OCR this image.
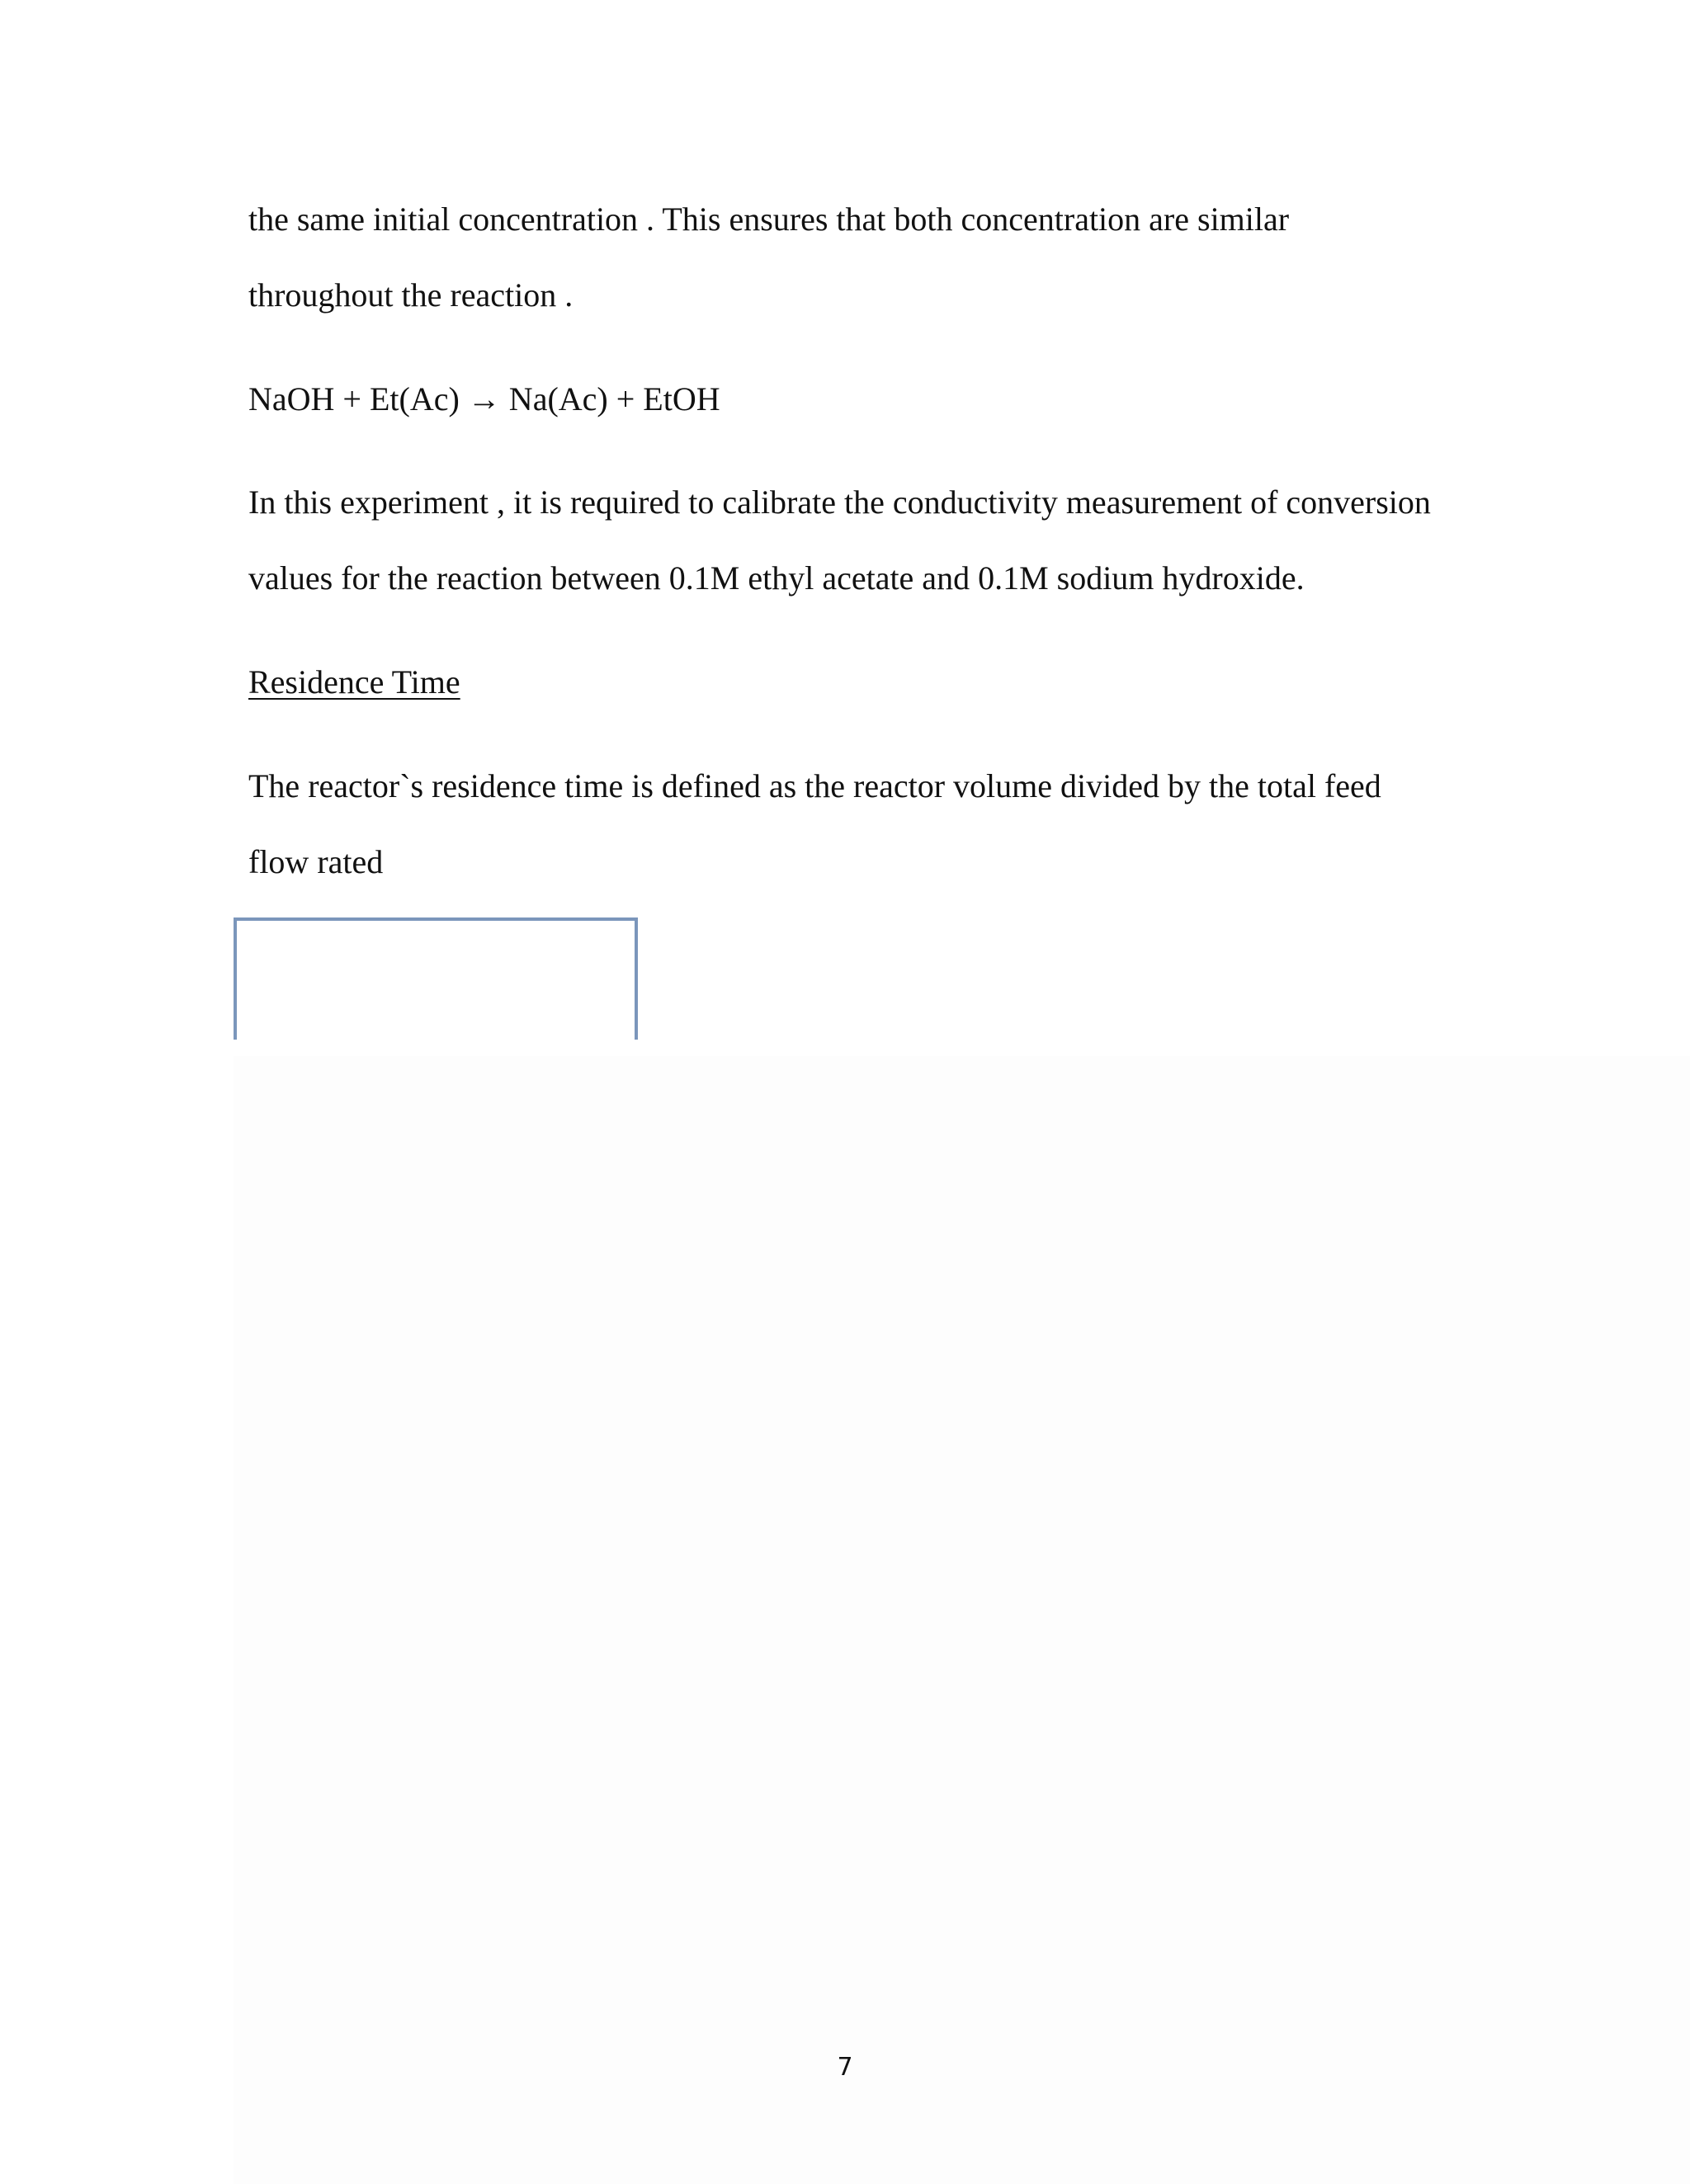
the same initial concentration . This ensures that both concentration are similar

throughout the reaction .

NaOH + Et(Ac) → Na(Ac) + EtOH

In this experiment , it is required to calibrate the conductivity measurement of conversion

values for the reaction between 0.1M ethyl acetate and 0.1M sodium hydroxide.

Residence Time

The reactor`s residence time is defined as the reactor volume divided by the total feed

flow rated

7
